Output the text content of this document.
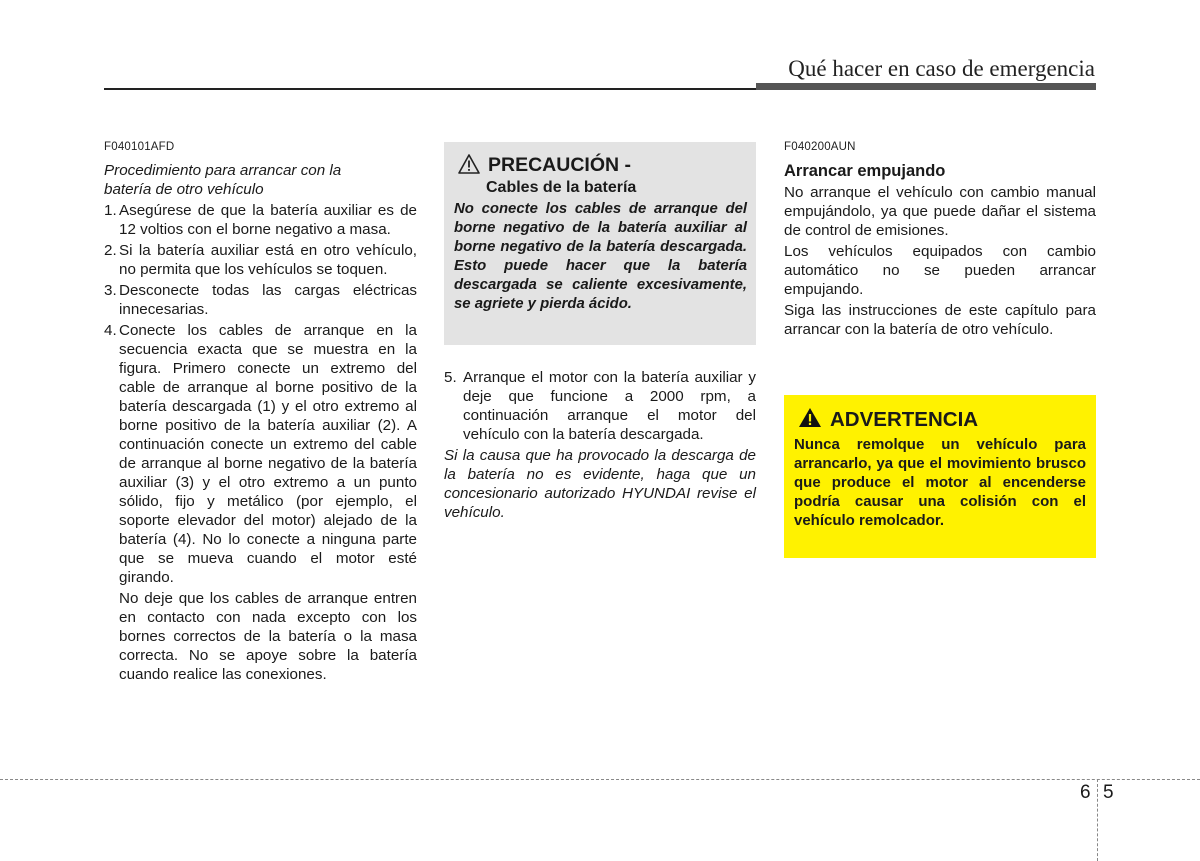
Qué hacer en caso de emergencia
F040101AFD
Procedimiento para arrancar con la
batería de otro vehículo
1. Asegúrese de que la batería auxiliar es de 12 voltios con el borne negativo a masa.
2. Si la batería auxiliar está en otro vehículo, no permita que los vehículos se toquen.
3. Desconecte todas las cargas eléctricas innecesarias.
4. Conecte los cables de arranque en la secuencia exacta que se muestra en la figura. Primero conecte un extremo del cable de arranque al borne positivo de la batería descargada (1) y el otro extremo al borne positivo de la batería auxiliar (2). A continuación conecte un extremo del cable de arranque al borne negativo de la batería auxiliar (3) y el otro extremo a un punto sólido, fijo y metálico (por ejemplo, el soporte elevador del motor) alejado de la batería (4). No lo conecte a ninguna parte que se mueva cuando el motor esté girando.
No deje que los cables de arranque entren en contacto con nada excepto con los bornes correctos de la batería o la masa correcta. No se apoye sobre la batería cuando realice las conexiones.
PRECAUCIÓN -
Cables de la batería
No conecte los cables de arranque del borne negativo de la batería auxiliar al borne negativo de la batería descargada. Esto puede hacer que la batería descargada se caliente excesivamente, se agriete y pierda ácido.
5. Arranque el motor con la batería auxiliar y deje que funcione a 2000 rpm, a continuación arranque el motor del vehículo con la batería descargada.
Si la causa que ha provocado la descarga de la batería no es evidente, haga que un concesionario autorizado HYUNDAI revise el vehículo.
F040200AUN
Arrancar empujando
No arranque el vehículo con cambio manual empujándolo, ya que puede dañar el sistema de control de emisiones.
Los vehículos equipados con cambio automático no se pueden arrancar empujando.
Siga las instrucciones de este capítulo para arrancar con la batería de otro vehículo.
ADVERTENCIA
Nunca remolque un vehículo para arrancarlo, ya que el movimiento brusco que produce el motor al encenderse podría causar una colisión con el vehículo remolcador.
6 5
